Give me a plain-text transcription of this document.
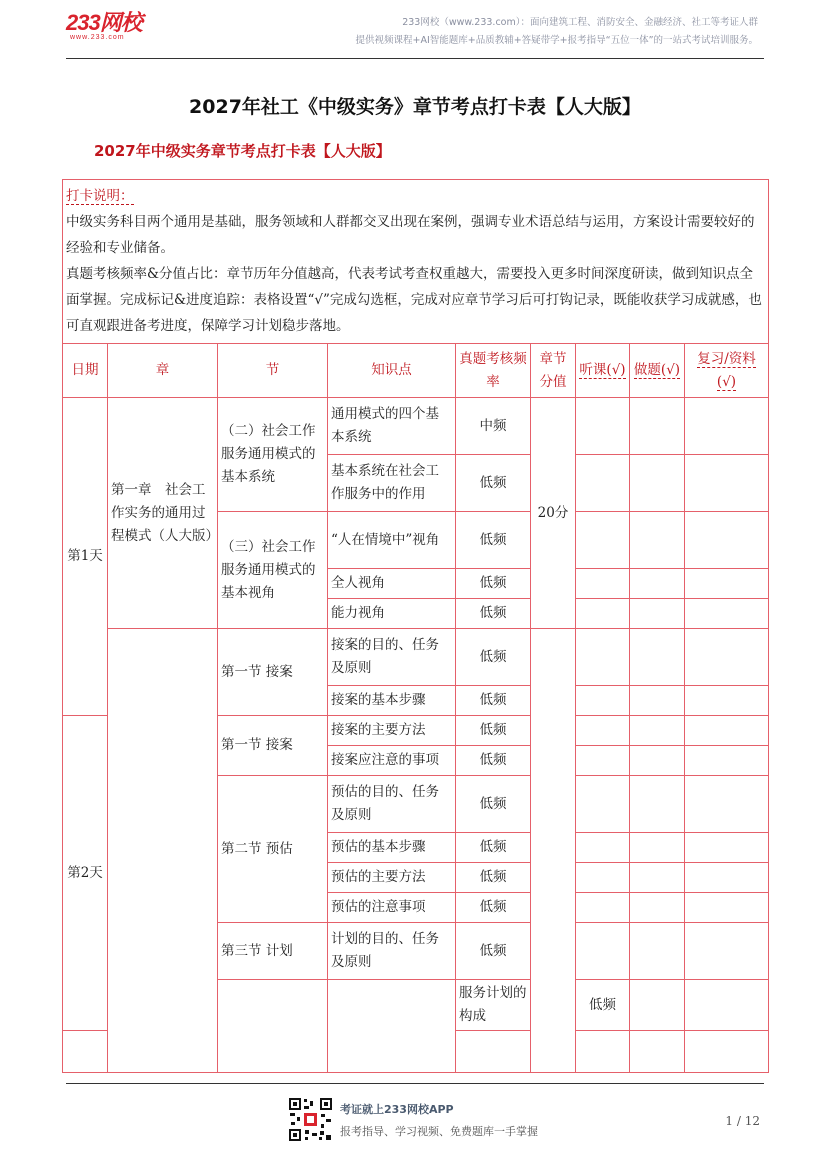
233网校
www.233.com
233网校（www.233.com）：面向建筑工程、消防安全、金融经济、社工等考证人群
提供视频课程+AI智能题库+品质教辅+答疑带学+报考指导“五位一体”的一站式考试培训服务。
2027年社工《中级实务》章节考点打卡表【人大版】
2027年中级实务章节考点打卡表【人大版】
打卡说明：
中级实务科目两个通用是基础，服务领域和人群都交叉出现在案例，强调专业术语总结与运用，方案设计需要较好的经验和专业储备。
真题考核频率&分值占比：章节历年分值越高，代表考试考查权重越大，需要投入更多时间深度研读，做到知识点全面掌握。完成标记&进度追踪：表格设置“√”完成勾选框，完成对应章节学习后可打钩记录，既能收获学习成就感，也可直观跟进备考进度，保障学习计划稳步落地。									
日期	章	节	知识点	真题考核频率	章节分值	听课(√)	做题(√)	复习/资料(√)	
第1天	第一章　社会工作实务的通用过程模式（人大版）	（二）社会工作服务通用模式的基本系统	通用模式的四个基本系统	中频	20分				
			基本系统在社会工作服务中的作用	低频					
		（三）社会工作服务通用模式的基本视角	“人在情境中”视角	低频					
			全人视角	低频					
			能力视角	低频					
		第一节 接案	接案的目的、任务及原则	低频					
			接案的基本步骤	低频					
第2天		第一节 接案	接案的主要方法	低频					
			接案应注意的事项	低频					
		第二节 预估	预估的目的、任务及原则	低频					
			预估的基本步骤	低频					
			预估的主要方法	低频					
			预估的注意事项	低频					
		第三节 计划	计划的目的、任务及原则	低频					
				服务计划的构成		低频			

考证就上233网校APP
报考指导、学习视频、免费题库一手掌握
1 / 12
